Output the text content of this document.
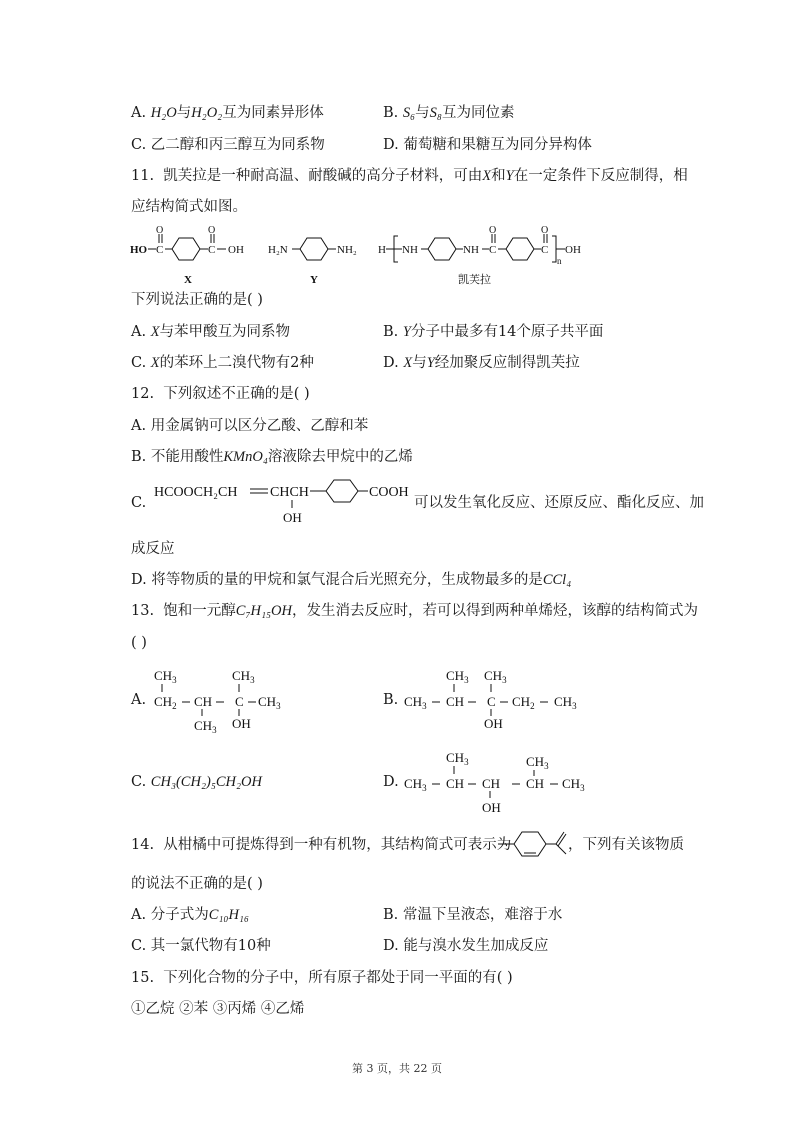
A. H₂O与H₂O₂互为同素异形体	B. S₆与S₈互为同位素
C. 乙二醇和丙三醇互为同系物	D. 葡萄糖和果糖互为同分异构体
11. 凯芙拉是一种耐高温、耐酸碱的高分子材料，可由X和Y在一定条件下反应制得，相
应结构简式如图。
HO C
O
C
O
OH
X
H₂N	NH₂
Y
H NH	NH C
O
C
O
n
OH
凯芙拉
下列说法正确的是( )
A. X与苯甲酸互为同系物	B. Y分子中最多有14个原子共平面
C. X的苯环上二溴代物有2种	D. X与Y经加聚反应制得凯芙拉
12. 下列叙述不正确的是( )
A. 用金属钠可以区分乙酸、乙醇和苯
B. 不能用酸性KMnO₄溶液除去甲烷中的乙烯
C.
HCOOCH₂CH CHCH
OH
COOH
可以发生氧化反应、还原反应、酯化反应、加
成反应
D. 将等物质的量的甲烷和氯气混合后光照充分，生成物最多的是CCl₄
13. 饱和一元醇C₇H₁₅OH，发生消去反应时，若可以得到两种单烯烃，该醇的结构简式为
( )
A.
$CH_3$
$CH_2$ CH
$CH_3$
$CH_3$
C
OH
$CH_3$	B. $CH_3$
$CH_3$
CH
$CH_3$
C
OH
$CH_2$ $CH_3$
C. CH₃(CH₂)₅CH₂OH	D. $CH_3$
$CH_3$
CH CH
OH
$CH_3$
CH $CH_3$
14. 从柑橘中可提炼得到一种有机物，其结构简式可表示为	，下列有关该物质
的说法不正确的是( )
A. 分子式为C₁₀H₁₆	B. 常温下呈液态，难溶于水
C. 其一氯代物有10种	D. 能与溴水发生加成反应
15. 下列化合物的分子中，所有原子都处于同一平面的有( )
①乙烷 ②苯 ③丙烯 ④乙烯
第 3 页，共 22 页
